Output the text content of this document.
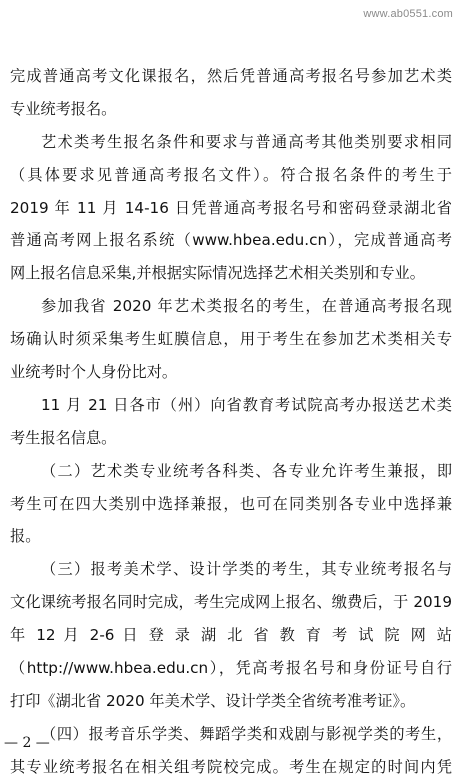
www.ab0551.com
完成普通高考文化课报名，然后凭普通高考报名号参加艺术类
专业统考报名。
艺术类考生报名条件和要求与普通高考其他类别要求相同
（具体要求见普通高考报名文件）。符合报名条件的考生于
2019 年 11 月 14-16 日凭普通高考报名号和密码登录湖北省
普通高考网上报名系统（www.hbea.edu.cn），完成普通高考
网上报名信息采集,并根据实际情况选择艺术相关类别和专业。
参加我省 2020 年艺术类报名的考生，在普通高考报名现
场确认时须采集考生虹膜信息，用于考生在参加艺术类相关专
业统考时个人身份比对。
11 月 21 日各市（州）向省教育考试院高考办报送艺术类
考生报名信息。
（二）艺术类专业统考各科类、各专业允许考生兼报，即
考生可在四大类别中选择兼报，也可在同类别各专业中选择兼
报。
（三）报考美术学、设计学类的考生，其专业统考报名与
文化课统考报名同时完成，考生完成网上报名、缴费后，于 2019
年 12 月 2-6 日 登 录 湖 北 省 教 育 考 试 院 网 站
（http://www.hbea.edu.cn），凭高考报名号和身份证号自行
打印《湖北省 2020 年美术学、设计学类全省统考准考证》。
（四）报考音乐学类、舞蹈学类和戏剧与影视学类的考生，
其专业统考报名在相关组考院校完成。考生在规定的时间内凭
— 2 —
